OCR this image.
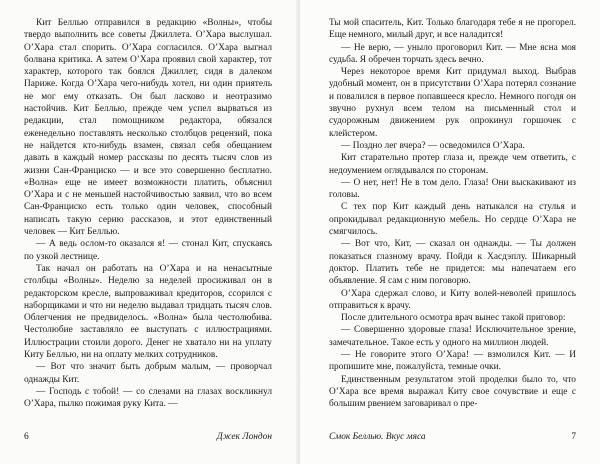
Кит Беллью отправился в редакцию «Волны», чтобы твердо выполнить все советы Джиллета. О’Хара выслушал. О’Хара стал спорить. О’Хара согласился. О’Хара выгнал болвана критика. А затем О’Хара проявил свой характер, тот характер, которого так боялся Джиллет, сидя в далеком Париже. Когда О’Хара чего-нибудь хотел, ни один приятель не мог ему отказать. Он был ласково и неотразимо настойчив. Кит Беллью, прежде чем успел вырваться из редакции, стал помощником редактора, обязался еженедельно поставлять несколько столбцов рецензий, пока не найдется кто-нибудь взамен, связал себя обещанием давать в каждый номер рассказы по десять тысяч слов из жизни Сан-Франциско — и все это совершенно бесплатно. «Волна» еще не имеет возможности платить, объяснил О’Хара и с не меньшей настойчивостью заявил, что во всем Сан-Франциско есть только один человек, способный написать такую серию рассказов, и этот единственный человек — Кит Беллью.

— А ведь ослом-то оказался я! — стонал Кит, спускаясь по узкой лестнице.

Так начал он работать на О’Хара и на ненасытные столбцы «Волны». Неделю за неделей просиживал он в редакторском кресле, выпроваживал кредиторов, ссорился с наборщиками и что ни неделю выдавал тридцать тысяч слов. Облегчения не предвиделось. «Волна» была честолюбива. Честолюбие заставляло ее выступать с иллюстрациями. Иллюстрации стоили дорого. Денег не хватало ни на уплату Киту Беллью, ни на оплату мелких сотрудников.

— Вот что значит быть добрым малым, — проворчал однажды Кит.

— Господь с тобой! — со слезами на глазах воскликнул О’Хара, пылко пожимая руку Кита. —

6	Джек Лондон

Ты мой спаситель, Кит. Только благодаря тебе я не прогорел. Еще немного, милый друг, и все наладится!

— Не верю, — уныло проговорил Кит. — Мне ясна моя судьба. Я обречен торчать здесь вечно.

Через некоторое время Кит придумал выход. Выбрав удобный момент, он в присутствии О’Хара потерял сознание и повалился в первое попавшееся кресло. Немного погодя он звучно рухнул всем телом на письменный стол и судорожным движением рук опрокинул горшочек с клейстером.

— Поздно лег вчера? — осведомился О’Хара.

Кит старательно протер глаза и, прежде чем ответить, с недоумением оглядывался по сторонам.

— О нет, нет! Не в том дело. Глаза! Они выскакивают из головы.

С тех пор Кит каждый день натыкался на стулья и опрокидывал редакционную мебель. Но сердце О’Хара не смягчилось.

— Вот что, Кит, — сказал он однажды. — Ты должен показаться глазному врачу. Пойди к Хасдэплу. Шикарный доктор. Платить тебе не придется: мы напечатаем его объявление. Я сам с ним поговорю.

О’Хара сдержал слово, и Киту волей-неволей пришлось отправиться к врачу.

После длительного осмотра врач вынес такой приговор:

— Совершенно здоровые глаза! Исключительное зрение, замечательное. Такое есть у одного на миллион людей.

— Не говорите этого О’Хара! — взмолился Кит. — И пропишите мне, пожалуйста, темные очки.

Единственным результатом этой проделки было то, что О’Хара все время выражал Киту свое сочувствие и еще с большим рвением заговаривал о пре-

Смок Беллью. Вкус мяса	7
